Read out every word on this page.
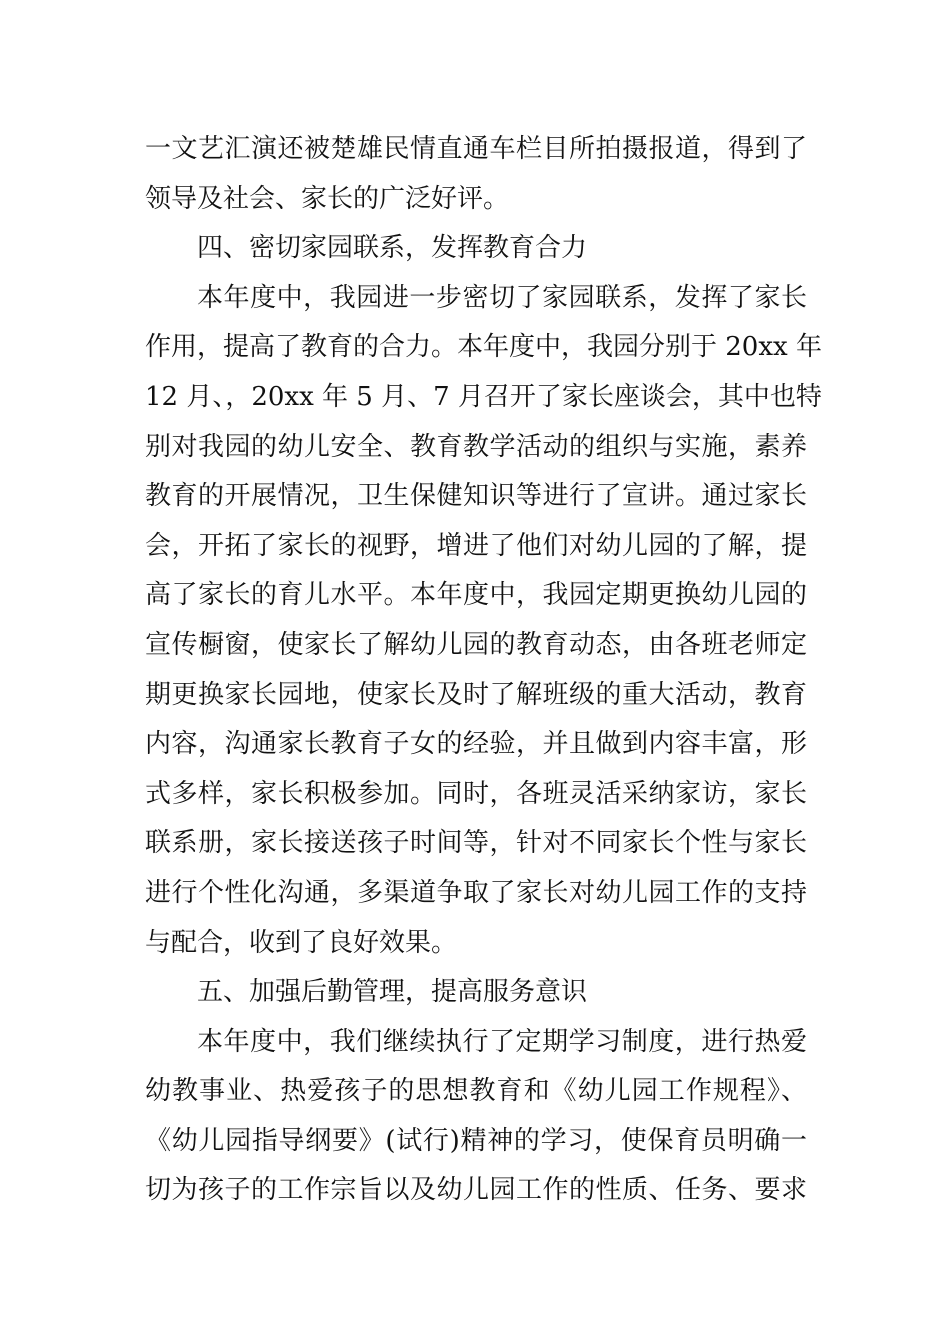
一文艺汇演还被楚雄民情直通车栏目所拍摄报道，得到了
领导及社会、家长的广泛好评。
四、密切家园联系，发挥教育合力
本年度中，我园进一步密切了家园联系，发挥了家长
作用，提高了教育的合力。本年度中，我园分别于 20xx 年
12 月、，20xx 年 5 月、7 月召开了家长座谈会，其中也特
别对我园的幼儿安全、教育教学活动的组织与实施，素养
教育的开展情况，卫生保健知识等进行了宣讲。通过家长
会，开拓了家长的视野，增进了他们对幼儿园的了解，提
高了家长的育儿水平。本年度中，我园定期更换幼儿园的
宣传橱窗，使家长了解幼儿园的教育动态，由各班老师定
期更换家长园地，使家长及时了解班级的重大活动，教育
内容，沟通家长教育子女的经验，并且做到内容丰富，形
式多样，家长积极参加。同时，各班灵活采纳家访，家长
联系册，家长接送孩子时间等，针对不同家长个性与家长
进行个性化沟通，多渠道争取了家长对幼儿园工作的支持
与配合，收到了良好效果。
五、加强后勤管理，提高服务意识
本年度中，我们继续执行了定期学习制度，进行热爱
幼教事业、热爱孩子的思想教育和《幼儿园工作规程》、
《幼儿园指导纲要》(试行)精神的学习，使保育员明确一
切为孩子的工作宗旨以及幼儿园工作的性质、任务、要求
